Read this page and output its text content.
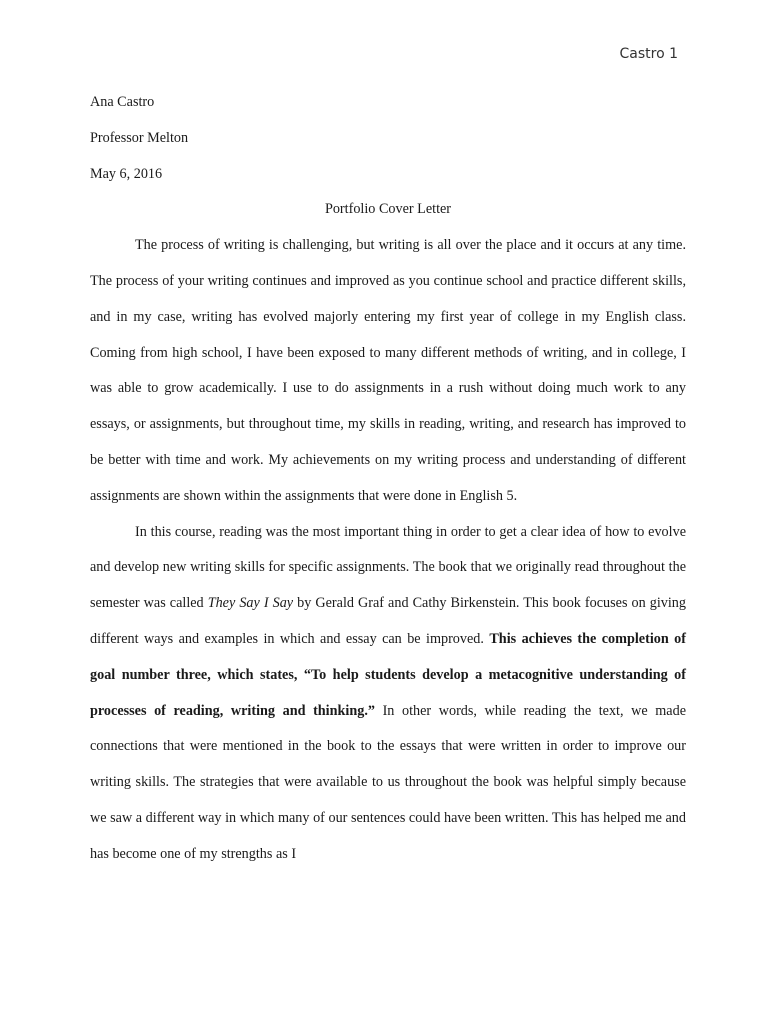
Castro 1
Ana Castro
Professor Melton
May 6, 2016
Portfolio Cover Letter

The process of writing is challenging, but writing is all over the place and it occurs at any time. The process of your writing continues and improved as you continue school and practice different skills, and in my case, writing has evolved majorly entering my first year of college in my English class. Coming from high school, I have been exposed to many different methods of writing, and in college, I was able to grow academically. I use to do assignments in a rush without doing much work to any essays, or assignments, but throughout time, my skills in reading, writing, and research has improved to be better with time and work. My achievements on my writing process and understanding of different assignments are shown within the assignments that were done in English 5.

In this course, reading was the most important thing in order to get a clear idea of how to evolve and develop new writing skills for specific assignments. The book that we originally read throughout the semester was called They Say I Say by Gerald Graf and Cathy Birkenstein. This book focuses on giving different ways and examples in which and essay can be improved. This achieves the completion of goal number three, which states, “To help students develop a metacognitive understanding of processes of reading, writing and thinking.” In other words, while reading the text, we made connections that were mentioned in the book to the essays that were written in order to improve our writing skills. The strategies that were available to us throughout the book was helpful simply because we saw a different way in which many of our sentences could have been written. This has helped me and has become one of my strengths as I
